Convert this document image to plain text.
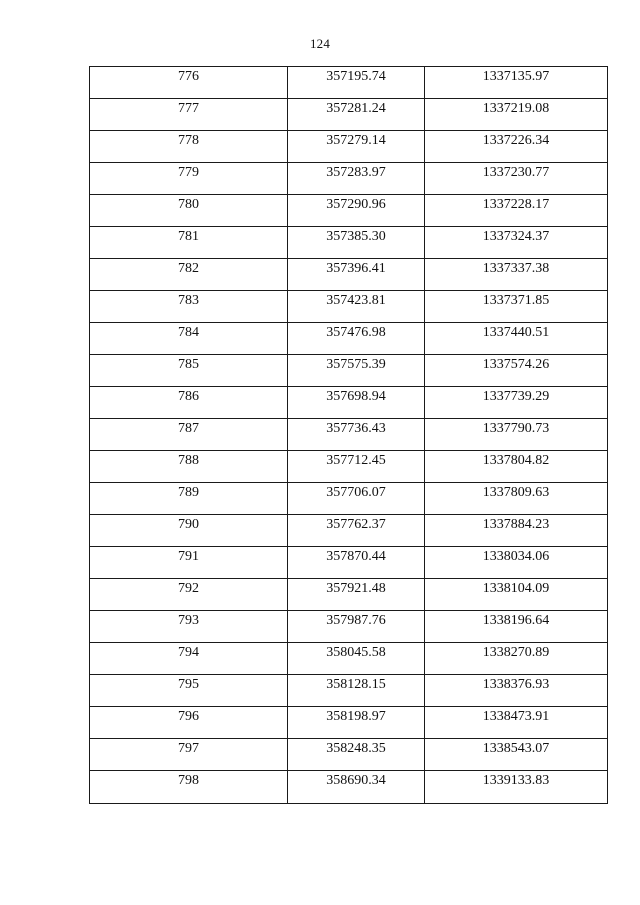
124
776	357195.74	1337135.97
777	357281.24	1337219.08
778	357279.14	1337226.34
779	357283.97	1337230.77
780	357290.96	1337228.17
781	357385.30	1337324.37
782	357396.41	1337337.38
783	357423.81	1337371.85
784	357476.98	1337440.51
785	357575.39	1337574.26
786	357698.94	1337739.29
787	357736.43	1337790.73
788	357712.45	1337804.82
789	357706.07	1337809.63
790	357762.37	1337884.23
791	357870.44	1338034.06
792	357921.48	1338104.09
793	357987.76	1338196.64
794	358045.58	1338270.89
795	358128.15	1338376.93
796	358198.97	1338473.91
797	358248.35	1338543.07
798	358690.34	1339133.83
